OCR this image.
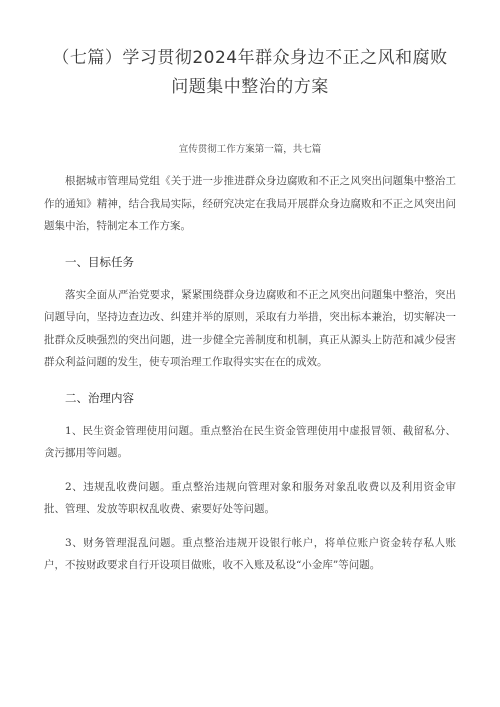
（七篇）学习贯彻2024年群众身边不正之风和腐败
问题集中整治的方案

宣传贯彻工作方案第一篇，共七篇

根据城市管理局党组《关于进一步推进群众身边腐败和不正之风突出问题集中整治工作的通知》精神，结合我局实际，经研究决定在我局开展群众身边腐败和不正之风突出问题集中治，特制定本工作方案。

一、目标任务

落实全面从严治党要求，紧紧围绕群众身边腐败和不正之风突出问题集中整治，突出问题导向，坚持边查边改、纠建并举的原则，采取有力举措，突出标本兼治，切实解决一批群众反映强烈的突出问题，进一步健全完善制度和机制，真正从源头上防范和减少侵害群众利益问题的发生，使专项治理工作取得实实在在的成效。

二、治理内容

1、民生资金管理使用问题。重点整治在民生资金管理使用中虚报冒领、截留私分、贪污挪用等问题。

2、违规乱收费问题。重点整治违规向管理对象和服务对象乱收费以及利用资金审批、管理、发放等职权乱收费、索要好处等问题。

3、财务管理混乱问题。重点整治违规开设银行帐户，将单位账户资金转存私人账户，不按财政要求自行开设项目做账，收不入账及私设“小金库”等问题。
